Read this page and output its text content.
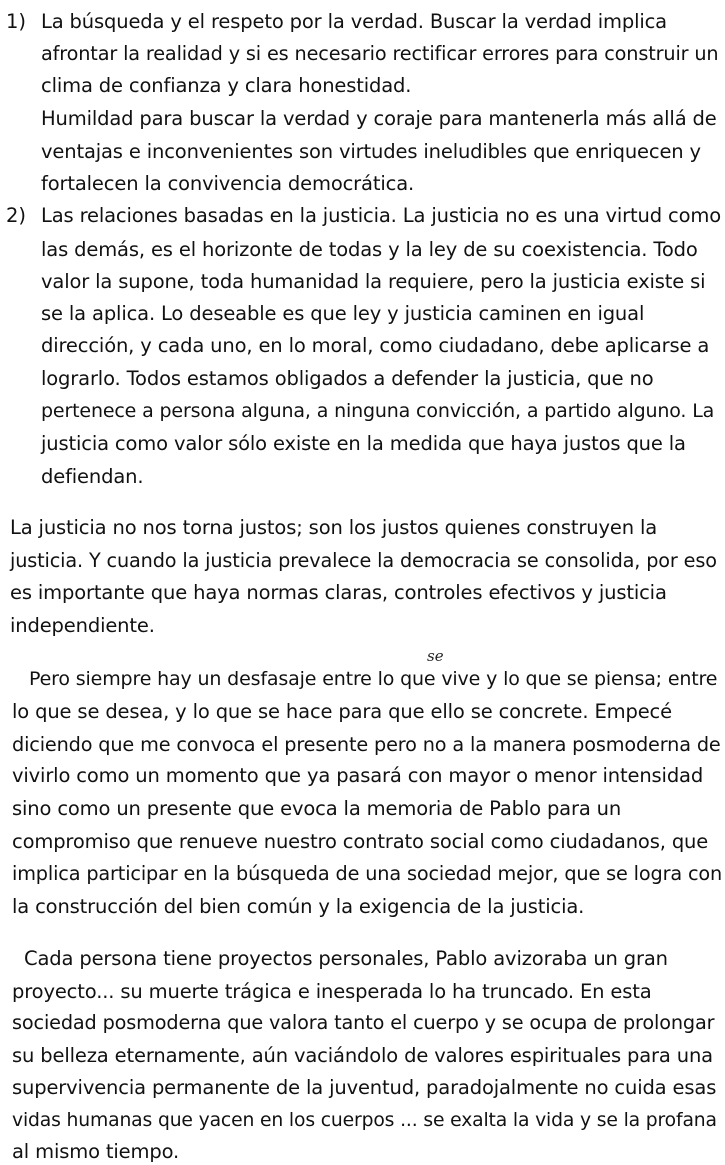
1) La búsqueda y el respeto por la verdad. Buscar la verdad implica
afrontar la realidad y si es necesario rectificar errores para construir un
clima de confianza y clara honestidad.
Humildad para buscar la verdad y coraje para mantenerla más allá de
ventajas e inconvenientes son virtudes ineludibles que enriquecen y
fortalecen la convivencia democrática.
2) Las relaciones basadas en la justicia. La justicia no es una virtud como
las demás, es el horizonte de todas y la ley de su coexistencia. Todo
valor la supone, toda humanidad la requiere, pero la justicia existe si
se la aplica. Lo deseable es que ley y justicia caminen en igual
dirección, y cada uno, en lo moral, como ciudadano, debe aplicarse a
lograrlo. Todos estamos obligados a defender la justicia, que no
pertenece a persona alguna, a ninguna convicción, a partido alguno. La
justicia como valor sólo existe en la medida que haya justos que la
defiendan.
La justicia no nos torna justos; son los justos quienes construyen la
justicia. Y cuando la justicia prevalece la democracia se consolida, por eso
es importante que haya normas claras, controles efectivos y justicia
independiente.
se
Pero siempre hay un desfasaje entre lo que vive y lo que se piensa; entre
lo que se desea, y lo que se hace para que ello se concrete. Empecé
diciendo que me convoca el presente pero no a la manera posmoderna de
vivirlo como un momento que ya pasará con mayor o menor intensidad
sino como un presente que evoca la memoria de Pablo para un
compromiso que renueve nuestro contrato social como ciudadanos, que
implica participar en la búsqueda de una sociedad mejor, que se logra con
la construcción del bien común y la exigencia de la justicia.
Cada persona tiene proyectos personales, Pablo avizoraba un gran
proyecto... su muerte trágica e inesperada lo ha truncado. En esta
sociedad posmoderna que valora tanto el cuerpo y se ocupa de prolongar
su belleza eternamente, aún vaciándolo de valores espirituales para una
supervivencia permanente de la juventud, paradojalmente no cuida esas
vidas humanas que yacen en los cuerpos ... se exalta la vida y se la profana
al mismo tiempo.
